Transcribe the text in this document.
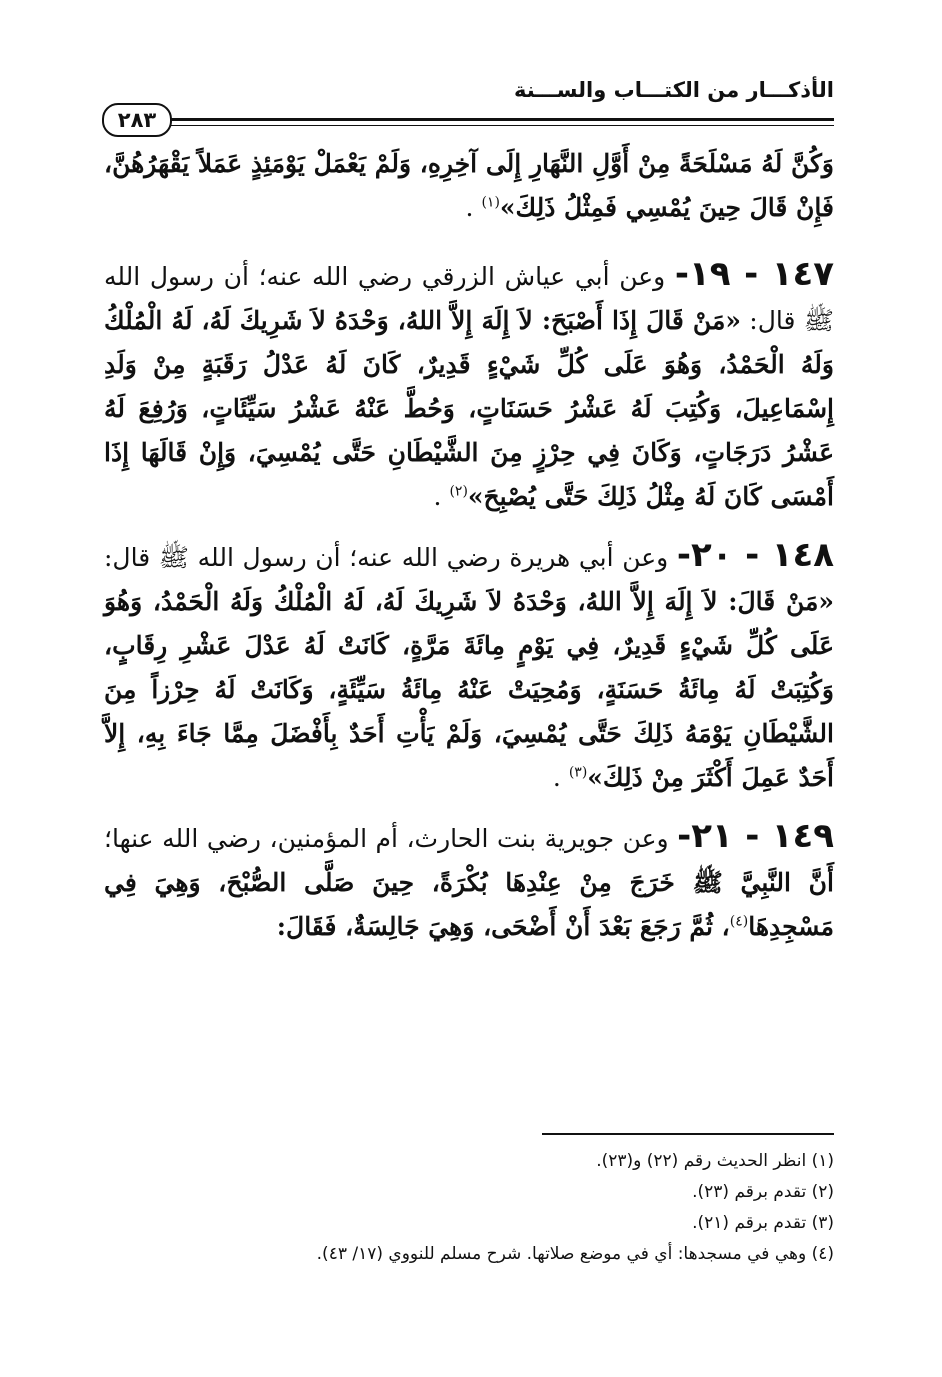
الأذكـــار من الكتـــاب والســـنة
٢٨٣

وَكُنَّ لَهُ مَسْلَحَةً مِنْ أَوَّلِ النَّهَارِ إِلَى آخِرِهِ، وَلَمْ يَعْمَلْ يَوْمَئِذٍ عَمَلاً يَقْهَرُهُنَّ، فَإِنْ قَالَ حِينَ يُمْسِي فَمِثْلُ ذَلِكَ»$^{(١)}$ .

١٤٧ - ١٩- وعن أبي عياش الزرقي رضي الله عنه؛ أن رسول الله ﷺ قال: «مَنْ قَالَ إِذَا أَصْبَحَ: لاَ إِلَهَ إِلاَّ اللهُ، وَحْدَهُ لاَ شَرِيكَ لَهُ، لَهُ الْمُلْكُ وَلَهُ الْحَمْدُ، وَهُوَ عَلَى كُلِّ شَيْءٍ قَدِيرٌ، كَانَ لَهُ عَدْلُ رَقَبَةٍ مِنْ وَلَدِ إِسْمَاعِيلَ، وَكُتِبَ لَهُ عَشْرُ حَسَنَاتٍ، وَحُطَّ عَنْهُ عَشْرُ سَيِّئَاتٍ، وَرُفِعَ لَهُ عَشْرُ دَرَجَاتٍ، وَكَانَ فِي حِرْزٍ مِنَ الشَّيْطَانِ حَتَّى يُمْسِيَ، وَإِنْ قَالَهَا إِذَا أَمْسَى كَانَ لَهُ مِثْلُ ذَلِكَ حَتَّى يُصْبِحَ»$^{(٢)}$ .

١٤٨ - ٢٠- وعن أبي هريرة رضي الله عنه؛ أن رسول الله ﷺ قال: «مَنْ قَالَ: لاَ إِلَهَ إِلاَّ اللهُ، وَحْدَهُ لاَ شَرِيكَ لَهُ، لَهُ الْمُلْكُ وَلَهُ الْحَمْدُ، وَهُوَ عَلَى كُلِّ شَيْءٍ قَدِيرٌ، فِي يَوْمٍ مِائَةَ مَرَّةٍ، كَانَتْ لَهُ عَدْلَ عَشْرِ رِقَابٍ، وَكُتِبَتْ لَهُ مِائَةُ حَسَنَةٍ، وَمُحِيَتْ عَنْهُ مِائَةُ سَيِّئَةٍ، وَكَانَتْ لَهُ حِرْزاً مِنَ الشَّيْطَانِ يَوْمَهُ ذَلِكَ حَتَّى يُمْسِيَ، وَلَمْ يَأْتِ أَحَدٌ بِأَفْضَلَ مِمَّا جَاءَ بِهِ، إِلاَّ أَحَدٌ عَمِلَ أَكْثَرَ مِنْ ذَلِكَ»$^{(٣)}$ .

١٤٩ - ٢١- وعن جويرية بنت الحارث، أم المؤمنين، رضي الله عنها؛ أَنَّ النَّبِيَّ ﷺ خَرَجَ مِنْ عِنْدِهَا بُكْرَةً، حِينَ صَلَّى الصُّبْحَ، وَهِيَ فِي مَسْجِدِهَا$^{(٤)}$، ثُمَّ رَجَعَ بَعْدَ أَنْ أَضْحَى، وَهِيَ جَالِسَةٌ، فَقَالَ:

(١) انظر الحديث رقم (٢٢) و(٢٣).

(٢) تقدم برقم (٢٣).

(٣) تقدم برقم (٢١).

(٤) وهي في مسجدها: أي في موضع صلاتها. شرح مسلم للنووي (١٧/ ٤٣).
